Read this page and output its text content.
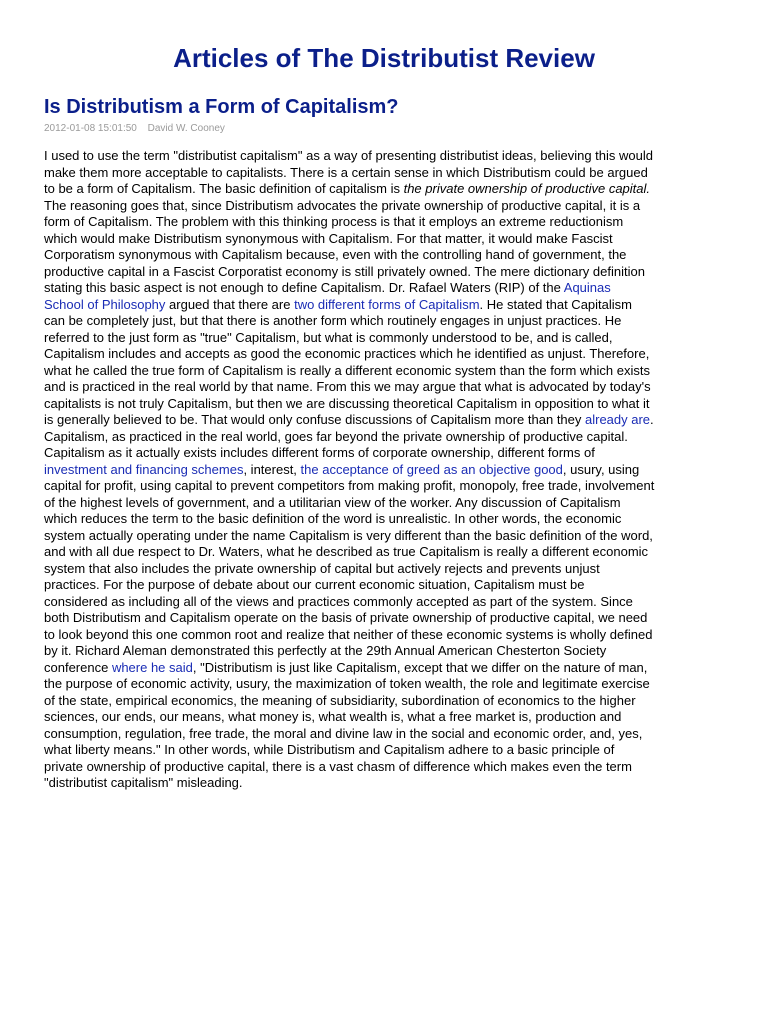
Articles of The Distributist Review
Is Distributism a Form of Capitalism?
2012-01-08 15:01:50 David W. Cooney
I used to use the term "distributist capitalism" as a way of presenting distributist ideas, believing this would
make them more acceptable to capitalists. There is a certain sense in which Distributism could be argued
to be a form of Capitalism. The basic definition of capitalism is the private ownership of productive capital.
The reasoning goes that, since Distributism advocates the private ownership of productive capital, it is a
form of Capitalism. The problem with this thinking process is that it employs an extreme reductionism
which would make Distributism synonymous with Capitalism. For that matter, it would make Fascist
Corporatism synonymous with Capitalism because, even with the controlling hand of government, the
productive capital in a Fascist Corporatist economy is still privately owned. The mere dictionary definition
stating this basic aspect is not enough to define Capitalism. Dr. Rafael Waters (RIP) of the Aquinas
School of Philosophy argued that there are two different forms of Capitalism. He stated that Capitalism
can be completely just, but that there is another form which routinely engages in unjust practices. He
referred to the just form as "true" Capitalism, but what is commonly understood to be, and is called,
Capitalism includes and accepts as good the economic practices which he identified as unjust. Therefore,
what he called the true form of Capitalism is really a different economic system than the form which exists
and is practiced in the real world by that name. From this we may argue that what is advocated by today's
capitalists is not truly Capitalism, but then we are discussing theoretical Capitalism in opposition to what it
is generally believed to be. That would only confuse discussions of Capitalism more than they already are.
Capitalism, as practiced in the real world, goes far beyond the private ownership of productive capital.
Capitalism as it actually exists includes different forms of corporate ownership, different forms of
investment and financing schemes, interest, the acceptance of greed as an objective good, usury, using
capital for profit, using capital to prevent competitors from making profit, monopoly, free trade, involvement
of the highest levels of government, and a utilitarian view of the worker. Any discussion of Capitalism
which reduces the term to the basic definition of the word is unrealistic. In other words, the economic
system actually operating under the name Capitalism is very different than the basic definition of the word,
and with all due respect to Dr. Waters, what he described as true Capitalism is really a different economic
system that also includes the private ownership of capital but actively rejects and prevents unjust
practices. For the purpose of debate about our current economic situation, Capitalism must be
considered as including all of the views and practices commonly accepted as part of the system. Since
both Distributism and Capitalism operate on the basis of private ownership of productive capital, we need
to look beyond this one common root and realize that neither of these economic systems is wholly defined
by it. Richard Aleman demonstrated this perfectly at the 29th Annual American Chesterton Society
conference where he said, "Distributism is just like Capitalism, except that we differ on the nature of man,
the purpose of economic activity, usury, the maximization of token wealth, the role and legitimate exercise
of the state, empirical economics, the meaning of subsidiarity, subordination of economics to the higher
sciences, our ends, our means, what money is, what wealth is, what a free market is, production and
consumption, regulation, free trade, the moral and divine law in the social and economic order, and, yes,
what liberty means." In other words, while Distributism and Capitalism adhere to a basic principle of
private ownership of productive capital, there is a vast chasm of difference which makes even the term
"distributist capitalism" misleading.
